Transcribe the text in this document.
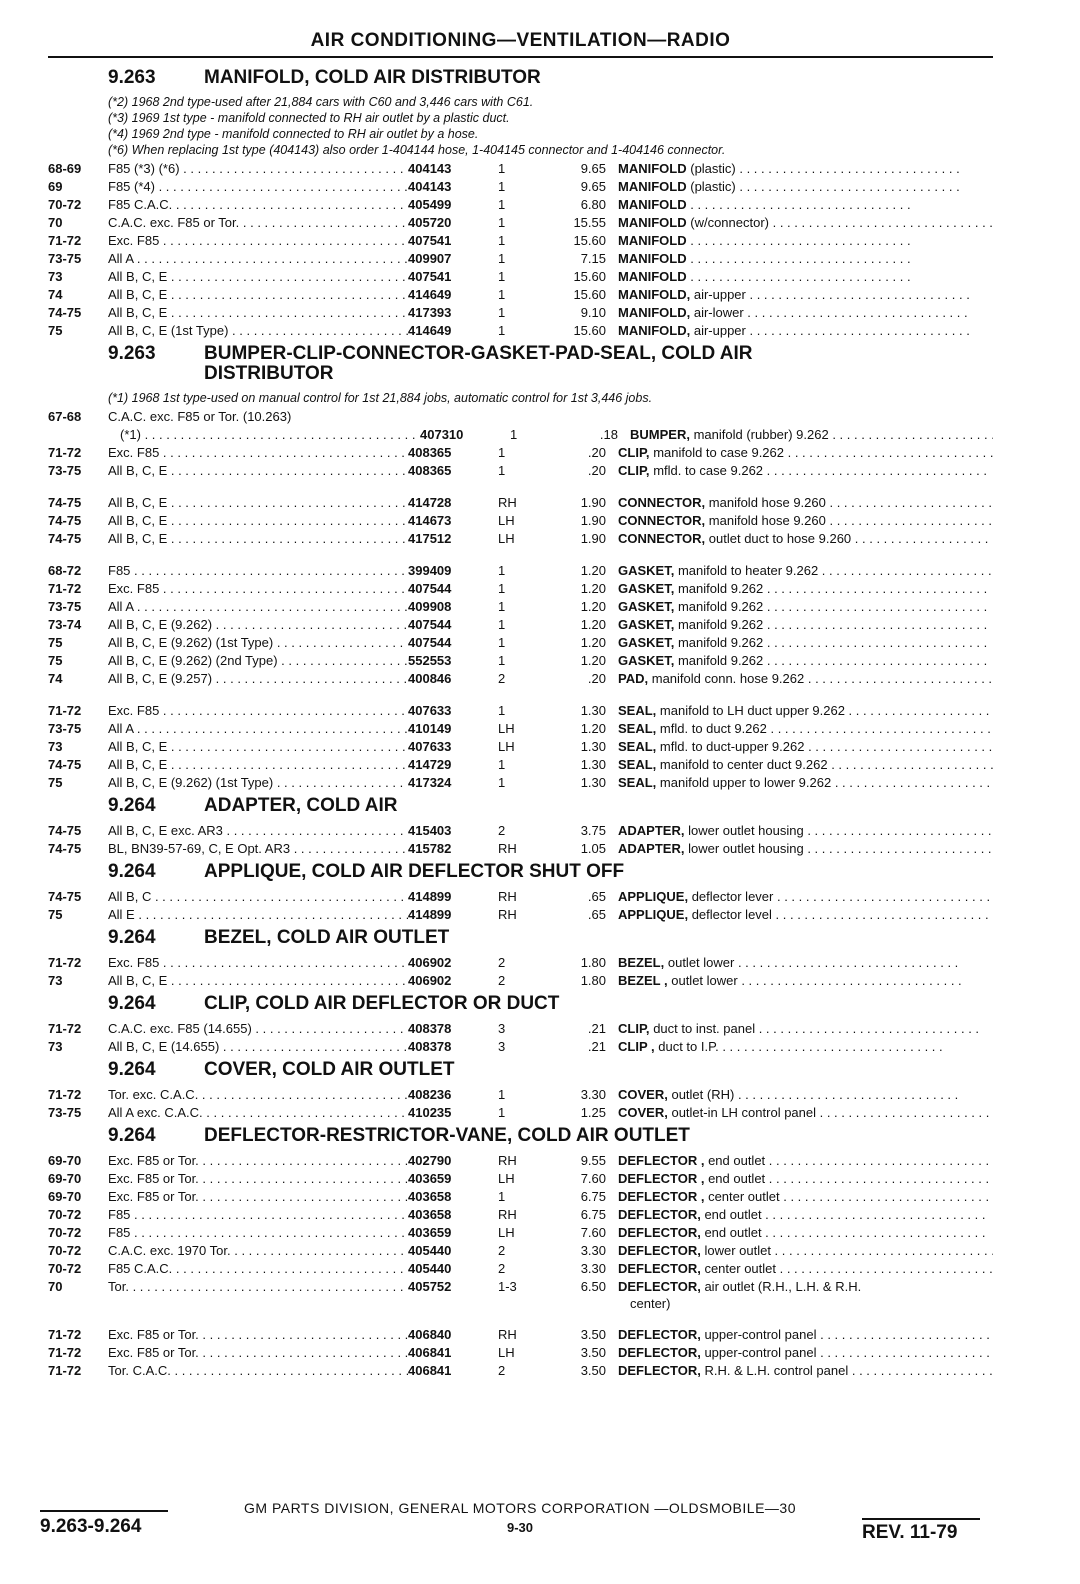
AIR CONDITIONING—VENTILATION—RADIO
9.263	MANIFOLD, COLD AIR DISTRIBUTOR
(*2) 1968 2nd type-used after 21,884 cars with C60 and 3,446 cars with C61.
(*3) 1969 1st type - manifold connected to RH air outlet by a plastic duct.
(*4) 1969 2nd type - manifold connected to RH air outlet by a hose.
(*6) When replacing 1st type (404143) also order 1-404144 hose, 1-404145 connector and 1-404146 connector.
68-69	F85 (*3) (*6) . . .	404143	1	9.65 MANIFOLD (plastic) . . .
69	F85 (*4) . . .	404143	1	9.65 MANIFOLD (plastic) . . .
70-72	F85 C.A.C. . . .	405499	1	6.80 MANIFOLD . . .
70	C.A.C. exc. F85 or Tor. . . .	405720	1	15.55 MANIFOLD (w/connector) . . .
71-72	Exc. F85 . . .	407541	1	15.60 MANIFOLD . . .
73-75	All A . . .	409907	1	7.15 MANIFOLD . . .
73	All B, C, E . . .	407541	1	15.60 MANIFOLD . . .
74	All B, C, E . . .	414649	1	15.60 MANIFOLD, air-upper . . .
74-75	All B, C, E . . .	417393	1	9.10 MANIFOLD, air-lower . . .
75	All B, C, E (1st Type) . . .	414649	1	15.60 MANIFOLD, air-upper . . .
9.263	BUMPER-CLIP-CONNECTOR-GASKET-PAD-SEAL, COLD AIR DISTRIBUTOR
(*1) 1968 1st type-used on manual control for 1st 21,884 jobs, automatic control for 1st 3,446 jobs.
67-68	C.A.C. exc. F85 or Tor. (10.263)
(*1) . . .	407310	1	.18 BUMPER, manifold (rubber) 9.262 . . .
71-72	Exc. F85 . . .	408365	1	.20 CLIP, manifold to case 9.262 . . .
73-75	All B, C, E . . .	408365	1	.20 CLIP, mfld. to case 9.262 . . .
74-75	All B, C, E . . .	414728	RH	1.90 CONNECTOR, manifold hose 9.260 . . .
74-75	All B, C, E . . .	414673	LH	1.90 CONNECTOR, manifold hose 9.260 . . .
74-75	All B, C, E . . .	417512	LH	1.90 CONNECTOR, outlet duct to hose 9.260 . . .
68-72	F85 . . .	399409	1	1.20 GASKET, manifold to heater 9.262 . . .
71-72	Exc. F85 . . .	407544	1	1.20 GASKET, manifold 9.262 . . .
73-75	All A . . .	409908	1	1.20 GASKET, manifold 9.262 . . .
73-74	All B, C, E (9.262) . . .	407544	1	1.20 GASKET, manifold 9.262 . . .
75	All B, C, E (9.262) (1st Type) . . .	407544	1	1.20 GASKET, manifold 9.262 . . .
75	All B, C, E (9.262) (2nd Type) . . .	552553	1	1.20 GASKET, manifold 9.262 . . .
74	All B, C, E (9.257) . . .	400846	2	.20 PAD, manifold conn. hose 9.262 . . .
71-72	Exc. F85 . . .	407633	1	1.30 SEAL, manifold to LH duct upper 9.262 . . .
73-75	All A . . .	410149	LH	1.20 SEAL, mfld. to duct 9.262 . . .
73	All B, C, E . . .	407633	LH	1.30 SEAL, mfld. to duct-upper 9.262 . . .
74-75	All B, C, E . . .	414729	1	1.30 SEAL, manifold to center duct 9.262 . . .
75	All B, C, E (9.262) (1st Type) . . .	417324	1	1.30 SEAL, manifold upper to lower 9.262 . . .
9.264	ADAPTER, COLD AIR
74-75	All B, C, E exc. AR3 . . .	415403	2	3.75 ADAPTER, lower outlet housing . . .
74-75	BL, BN39-57-69, C, E Opt. AR3 . . .	415782	RH	1.05 ADAPTER, lower outlet housing . . .
9.264	APPLIQUE, COLD AIR DEFLECTOR SHUT OFF
74-75	All B, C . . .	414899	RH	.65 APPLIQUE, deflector lever . . .
75	All E . . .	414899	RH	.65 APPLIQUE, deflector level . . .
9.264	BEZEL, COLD AIR OUTLET
71-72	Exc. F85 . . .	406902	2	1.80 BEZEL, outlet lower . . .
73	All B, C, E . . .	406902	2	1.80 BEZEL , outlet lower . . .
9.264	CLIP, COLD AIR DEFLECTOR OR DUCT
71-72	C.A.C. exc. F85 (14.655) . . .	408378	3	.21 CLIP, duct to inst. panel . . .
73	All B, C, E (14.655) . . .	408378	3	.21 CLIP , duct to I.P. . . .
9.264	COVER, COLD AIR OUTLET
71-72	Tor. exc. C.A.C. . . .	408236	1	3.30 COVER, outlet (RH) . . .
73-75	All A exc. C.A.C. . . .	410235	1	1.25 COVER, outlet-in LH control panel . . .
9.264	DEFLECTOR-RESTRICTOR-VANE, COLD AIR OUTLET
69-70	Exc. F85 or Tor. . . .	402790	RH	9.55 DEFLECTOR , end outlet . . .
69-70	Exc. F85 or Tor. . . .	403659	LH	7.60 DEFLECTOR , end outlet . . .
69-70	Exc. F85 or Tor. . . .	403658	1	6.75 DEFLECTOR , center outlet . . .
70-72	F85 . . .	403658	RH	6.75 DEFLECTOR, end outlet . . .
70-72	F85 . . .	403659	LH	7.60 DEFLECTOR, end outlet . . .
70-72	C.A.C. exc. 1970 Tor. . . .	405440	2	3.30 DEFLECTOR, lower outlet . . .
70-72	F85 C.A.C. . . .	405440	2	3.30 DEFLECTOR, center outlet . . .
70	Tor. . . .	405752	1-3	6.50 DEFLECTOR, air outlet (R.H., L.H. & R.H.
center)
71-72	Exc. F85 or Tor. . . .	406840	RH	3.50 DEFLECTOR, upper-control panel . . .
71-72	Exc. F85 or Tor. . . .	406841	LH	3.50 DEFLECTOR, upper-control panel . . .
71-72	Tor. C.A.C. . . .	406841	2	3.50 DEFLECTOR, R.H. & L.H. control panel . . .
9.263-9.264
GM PARTS DIVISION, GENERAL MOTORS CORPORATION —OLDSMOBILE—30
9-30	REV. 11-79
